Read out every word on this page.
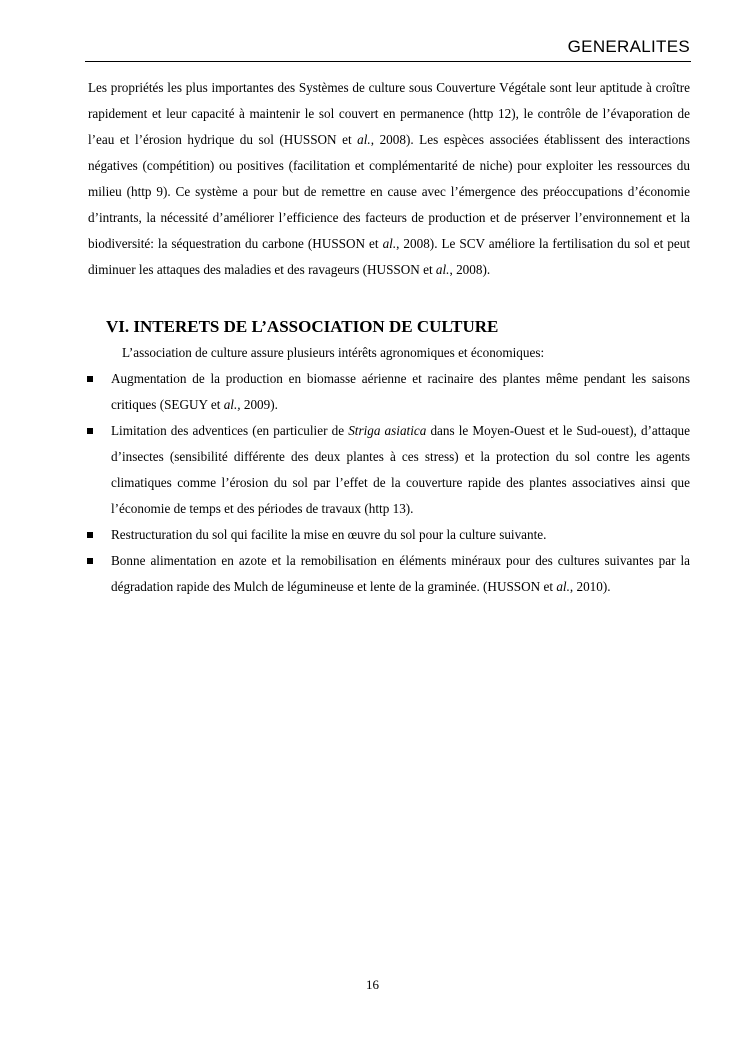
GENERALITES

Les propriétés les plus importantes des Systèmes de culture sous Couverture Végétale sont leur aptitude à croître rapidement et leur capacité à maintenir le sol couvert en permanence (http 12), le contrôle de l’évaporation de l’eau et l’érosion hydrique du sol (HUSSON et al., 2008). Les espèces associées établissent des interactions négatives (compétition) ou positives (facilitation et complémentarité de niche) pour exploiter les ressources du milieu (http 9). Ce système a pour but de remettre en cause avec l’émergence des préoccupations d’économie d’intrants, la nécessité d’améliorer l’efficience des facteurs de production et de préserver l’environnement et la biodiversité: la séquestration du carbone (HUSSON et al., 2008). Le SCV améliore la fertilisation du sol et peut diminuer les attaques des maladies et des ravageurs (HUSSON et al., 2008).

VI. INTERETS DE L’ASSOCIATION DE CULTURE

L’association de culture assure plusieurs intérêts agronomiques et économiques:

Augmentation de la production en biomasse aérienne et racinaire des plantes même pendant les saisons critiques (SEGUY et al., 2009).
Limitation des adventices (en particulier de Striga asiatica dans le Moyen-Ouest et le Sud-ouest), d’attaque d’insectes (sensibilité différente des deux plantes à ces stress) et la protection du sol contre les agents climatiques comme l’érosion du sol par l’effet de la couverture rapide des plantes associatives ainsi que l’économie de temps et des périodes de travaux (http 13).
Restructuration du sol qui facilite la mise en œuvre du sol pour la culture suivante.
Bonne alimentation en azote et la remobilisation en éléments minéraux pour des cultures suivantes par la dégradation rapide des Mulch de légumineuse et lente de la graminée. (HUSSON et al., 2010).
16
